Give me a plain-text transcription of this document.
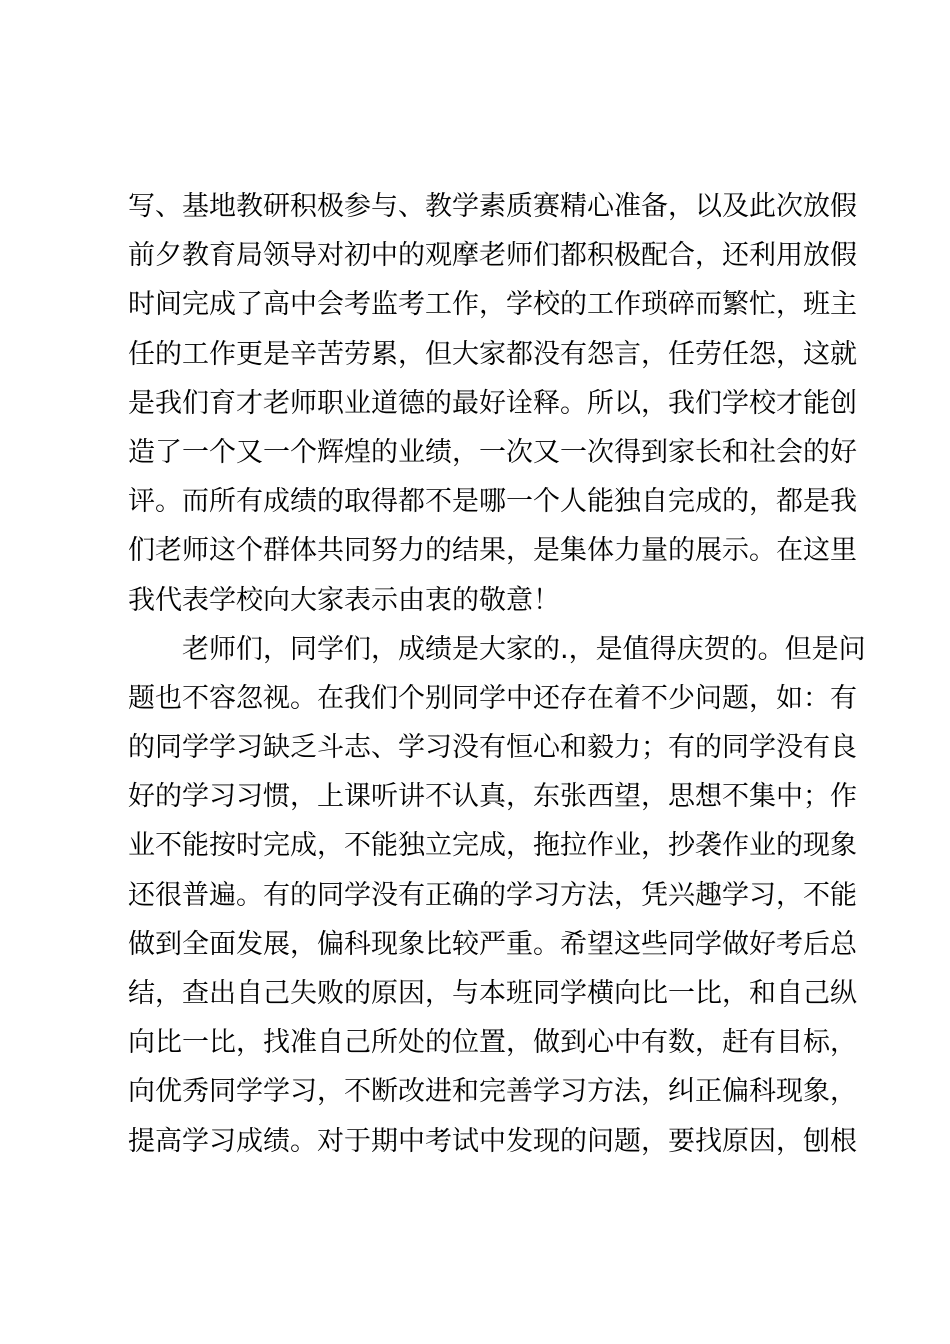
写、基地教研积极参与、教学素质赛精心准备，以及此次放假
前夕教育局领导对初中的观摩老师们都积极配合，还利用放假
时间完成了高中会考监考工作，学校的工作琐碎而繁忙，班主
任的工作更是辛苦劳累，但大家都没有怨言，任劳任怨，这就
是我们育才老师职业道德的最好诠释。所以，我们学校才能创
造了一个又一个辉煌的业绩，一次又一次得到家长和社会的好
评。而所有成绩的取得都不是哪一个人能独自完成的，都是我
们老师这个群体共同努力的结果，是集体力量的展示。在这里
我代表学校向大家表示由衷的敬意！
老师们，同学们，成绩是大家的.，是值得庆贺的。但是问
题也不容忽视。在我们个别同学中还存在着不少问题，如：有
的同学学习缺乏斗志、学习没有恒心和毅力；有的同学没有良
好的学习习惯，上课听讲不认真，东张西望，思想不集中；作
业不能按时完成，不能独立完成，拖拉作业，抄袭作业的现象
还很普遍。有的同学没有正确的学习方法，凭兴趣学习，不能
做到全面发展，偏科现象比较严重。希望这些同学做好考后总
结，查出自己失败的原因，与本班同学横向比一比，和自己纵
向比一比，找准自己所处的位置，做到心中有数，赶有目标，
向优秀同学学习，不断改进和完善学习方法，纠正偏科现象，
提高学习成绩。对于期中考试中发现的问题，要找原因，刨根
